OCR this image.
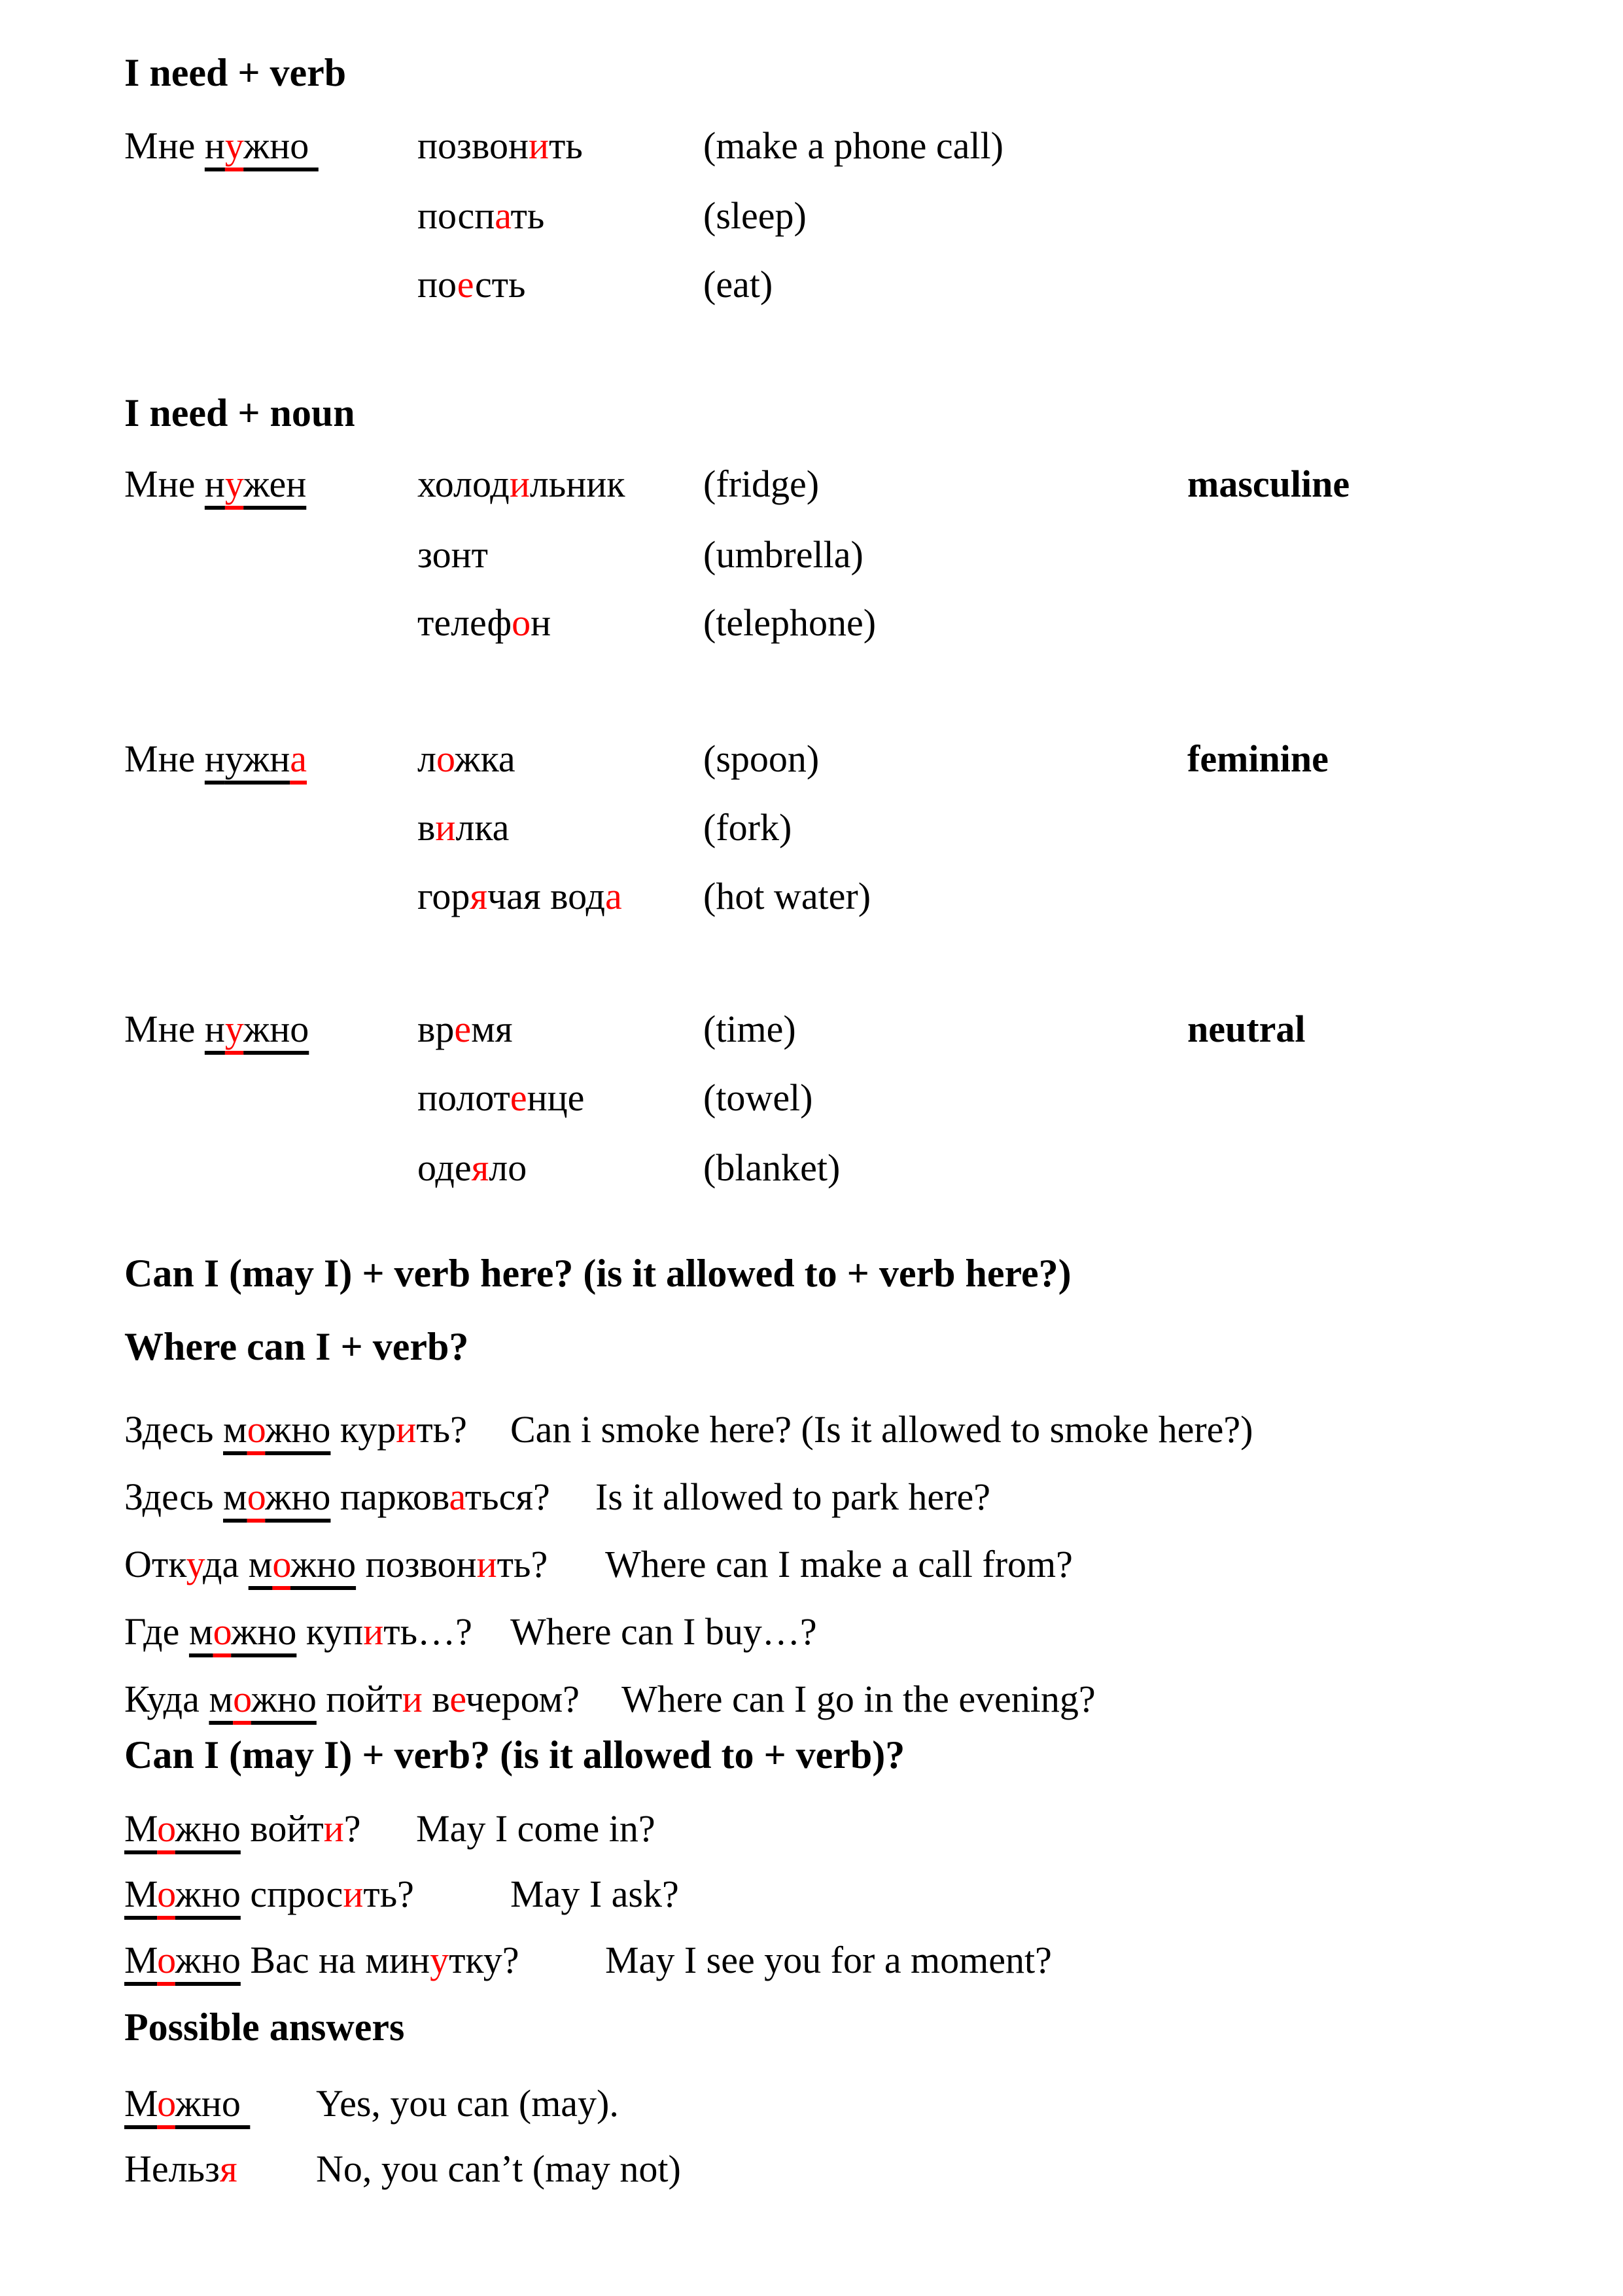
I need + verb
Мне нужно	позвонить	(make a phone call)
поспать	(sleep)
поесть	(eat)
I need + noun
Мне нужен	холодильник (fridge)	masculine
зонт	(umbrella)
телефон	(telephone)
Мне нужна	ложка	(spoon)	feminine
вилка	(fork)
горячая вода (hot water)
Мне нужно	время	(time)	neutral
полотенце	(towel)
одеяло	(blanket)
Can I (may I) + verb here? (is it allowed to + verb here?)
Where can I + verb?
Здесь можно курить? Can i smoke here? (Is it allowed to smoke here?)
Здесь можно парковаться? Is it allowed to park here?
Откуда можно позвонить? Where can I make a call from?
Где можно купить…? Where can I buy…?
Куда можно пойти вечером? Where can I go in the evening?
Can I (may I) + verb? (is it allowed to + verb)?
Можно войти? May I come in?
Можно спросить?	May I ask?
Можно Вас на минутку? May I see you for a moment?
Possible answers
Можно Yes, you can (may).
Нельзя No, you can’t (may not)
